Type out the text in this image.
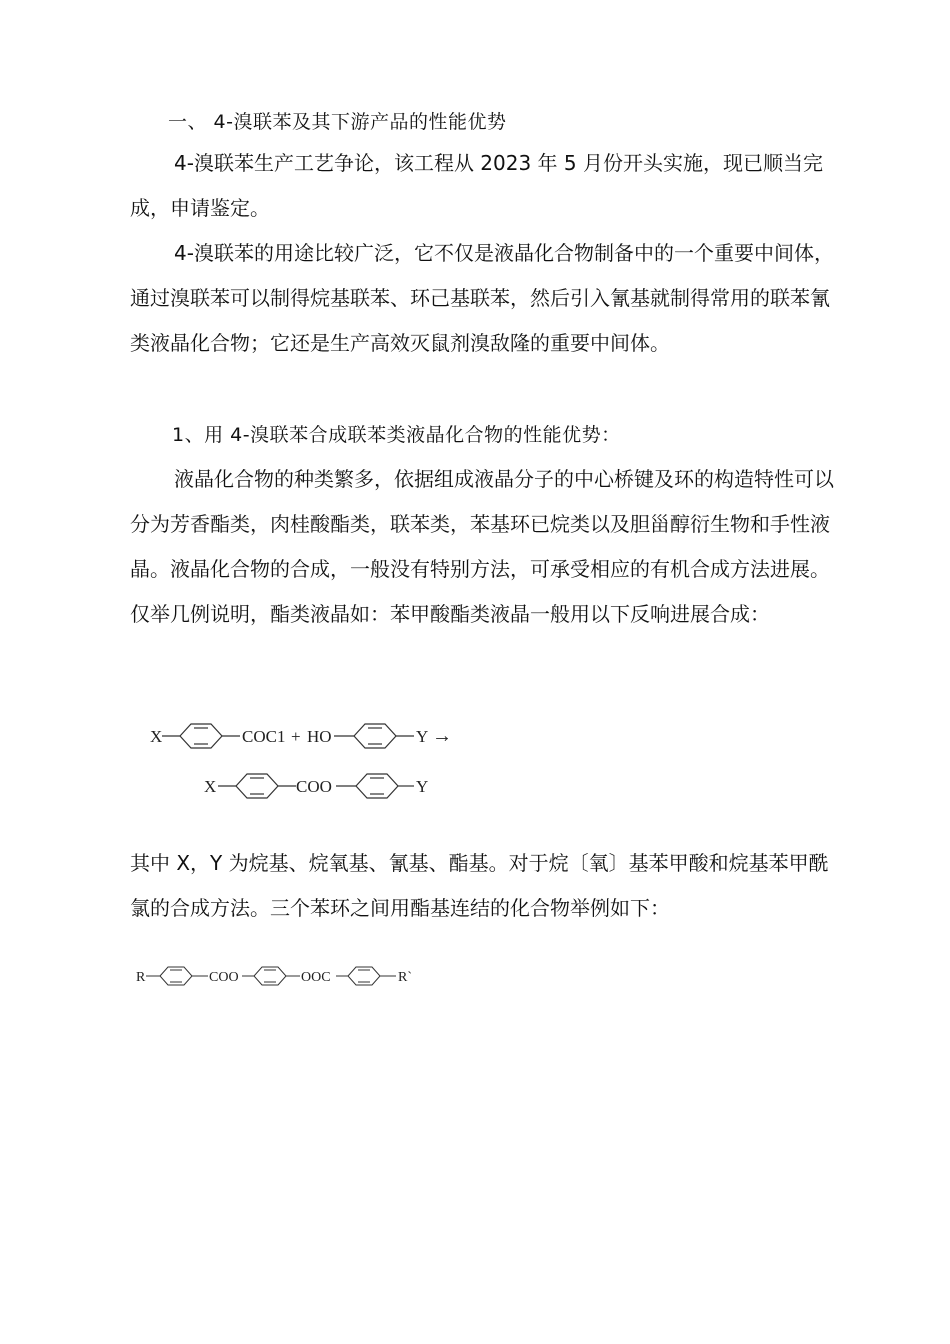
一、 4-溴联苯及其下游产品的性能优势

4-溴联苯生产工艺争论，该工程从 2023 年 5 月份开头实施，现已顺当完成，申请鉴定。

4-溴联苯的用途比较广泛，它不仅是液晶化合物制备中的一个重要中间体，通过溴联苯可以制得烷基联苯、环己基联苯，然后引入氰基就制得常用的联苯氰类液晶化合物；它还是生产高效灭鼠剂溴敌隆的重要中间体。

1、用 4-溴联苯合成联苯类液晶化合物的性能优势：

液晶化合物的种类繁多，依据组成液晶分子的中心桥键及环的构造特性可以分为芳香酯类，肉桂酸酯类，联苯类，苯基环已烷类以及胆甾醇衍生物和手性液晶。液晶化合物的合成，一般没有特别方法，可承受相应的有机合成方法进展。仅举几例说明，酯类液晶如：苯甲酸酯类液晶一般用以下反响进展合成：

X	COC1 + HO	Y →
X	COO	Y

其中 X，Y 为烷基、烷氧基、氰基、酯基。对于烷〔氧〕基苯甲酸和烷基苯甲酰氯的合成方法。三个苯环之间用酯基连结的化合物举例如下：

R	COO	OOC	R`
